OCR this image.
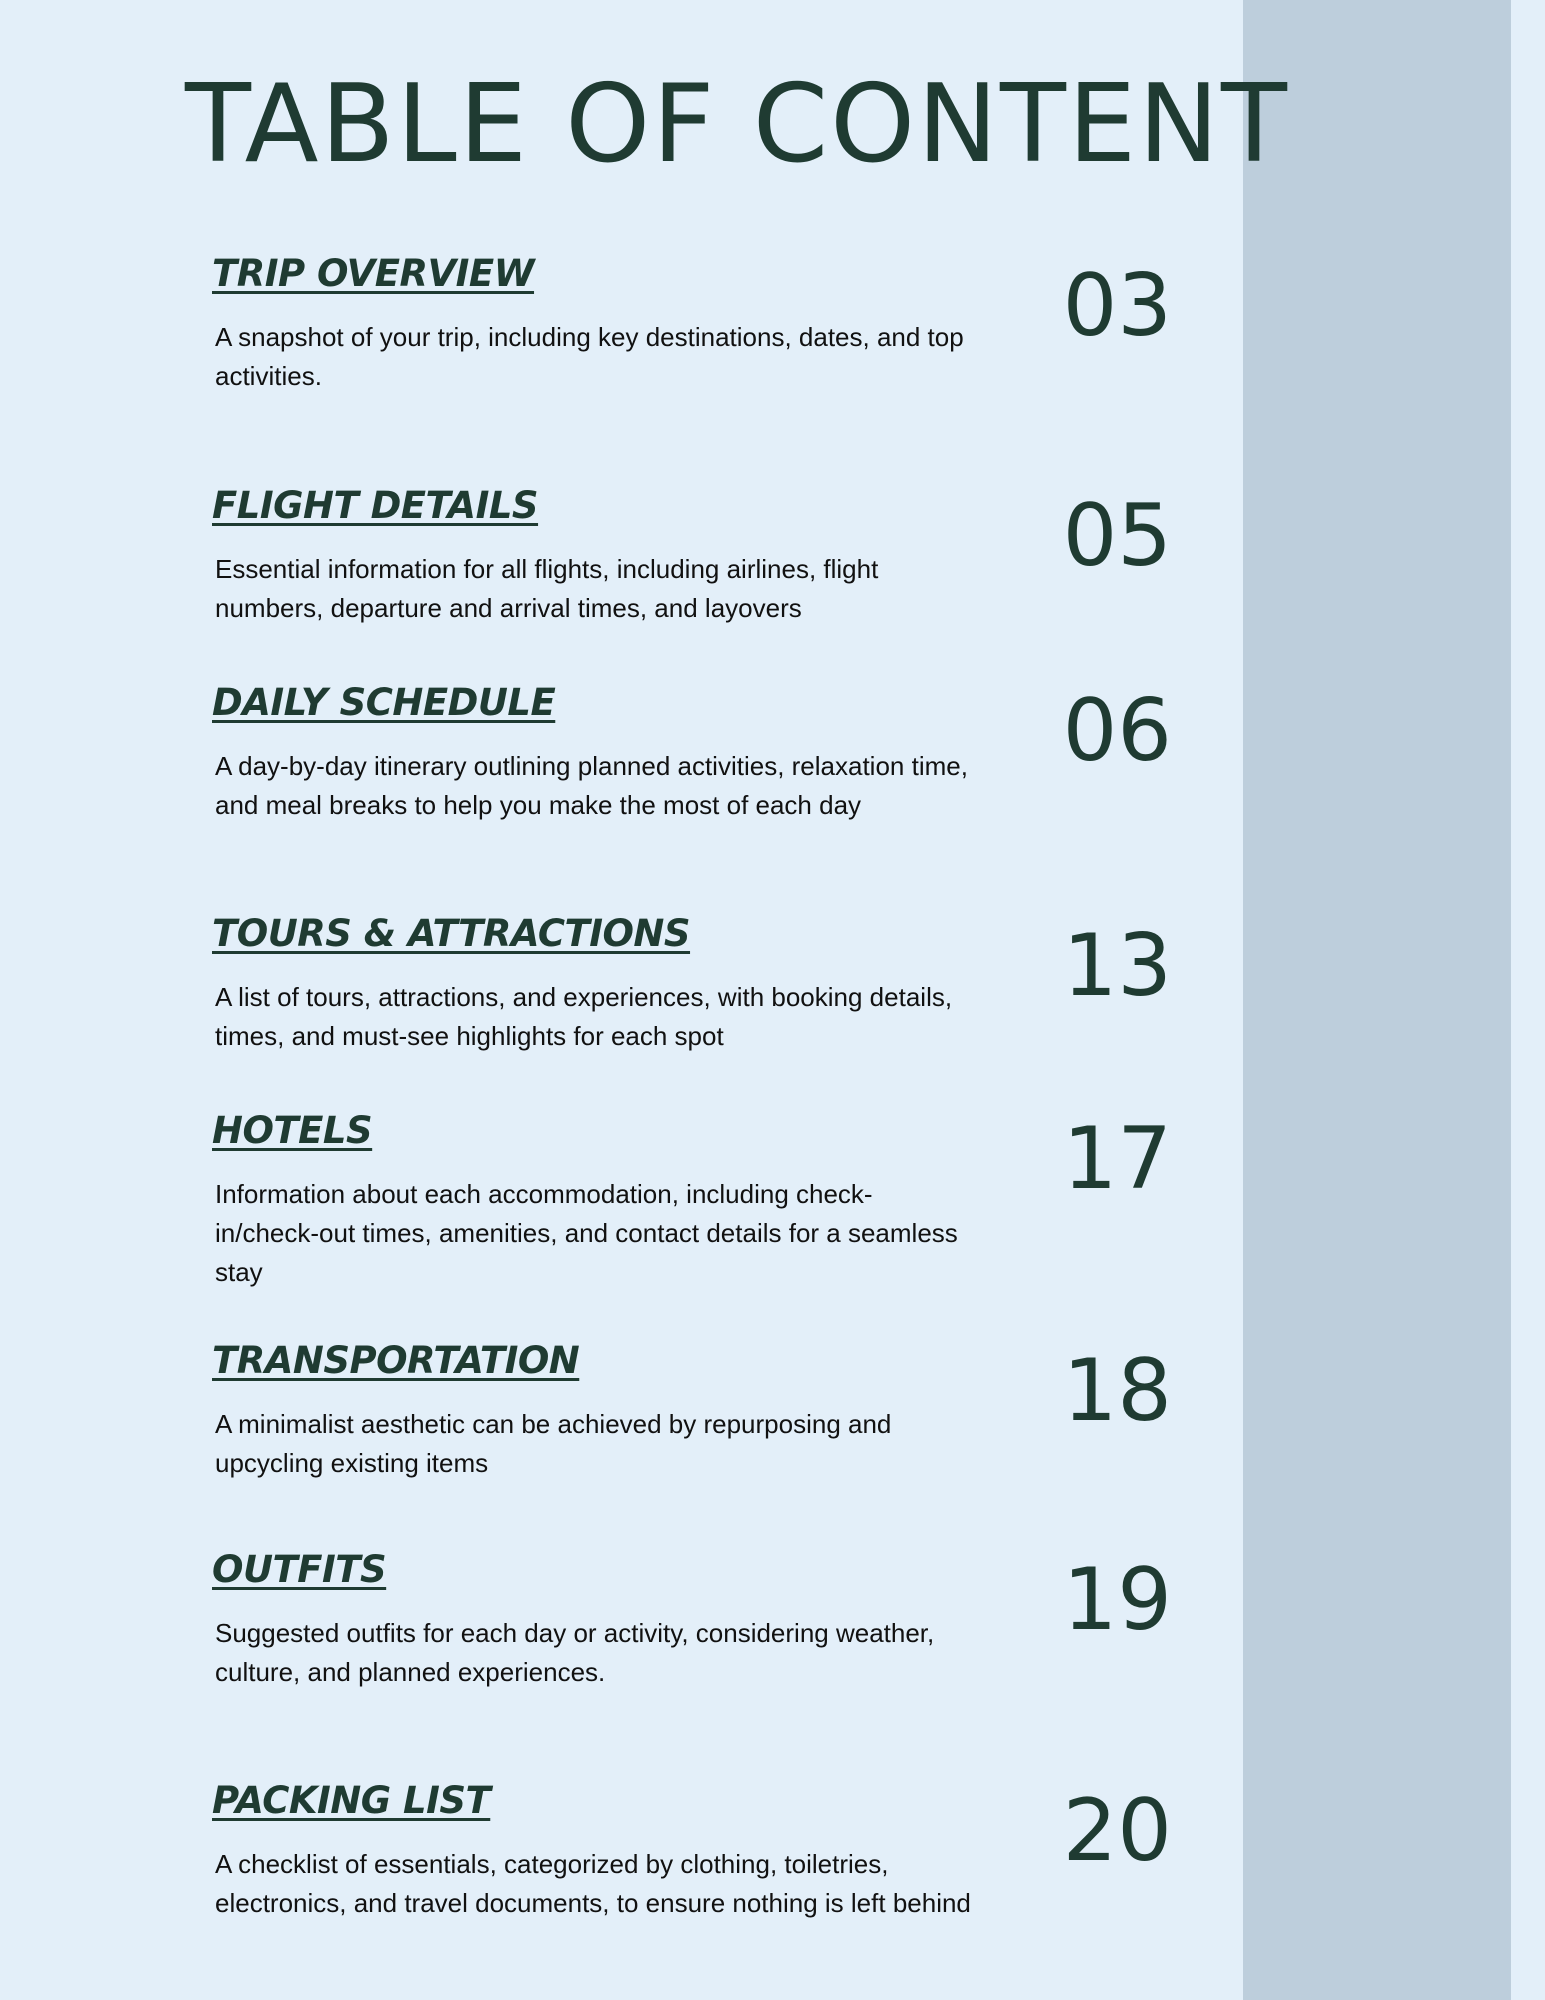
TABLE OF CONTENT
TRIP OVERVIEW

A snapshot of your trip, including key destinations, dates, and top activities.

03
FLIGHT DETAILS

Essential information for all flights, including airlines, flight numbers, departure and arrival times, and layovers

05
DAILY SCHEDULE

A day-by-day itinerary outlining planned activities, relaxation time, and meal breaks to help you make the most of each day

06
TOURS & ATTRACTIONS

A list of tours, attractions, and experiences, with booking details, times, and must-see highlights for each spot

13
HOTELS

Information about each accommodation, including check-in/check-out times, amenities, and contact details for a seamless stay

17
TRANSPORTATION

A minimalist aesthetic can be achieved by repurposing and upcycling existing items

18
OUTFITS

Suggested outfits for each day or activity, considering weather, culture, and planned experiences.

19
PACKING LIST

A checklist of essentials, categorized by clothing, toiletries, electronics, and travel documents, to ensure nothing is left behind

20
